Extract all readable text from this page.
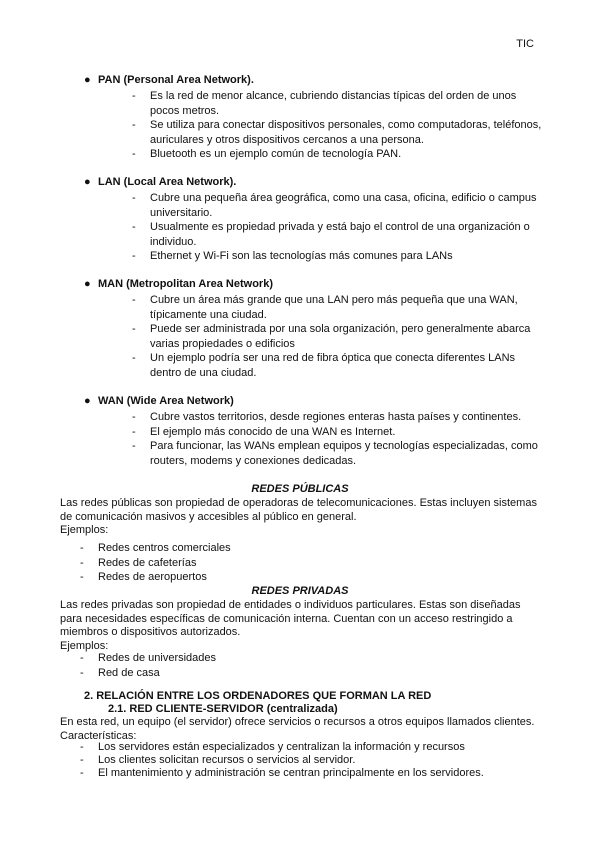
TIC
● PAN (Personal Area Network).
- Es la red de menor alcance, cubriendo distancias típicas del orden de unos pocos metros.
- Se utiliza para conectar dispositivos personales, como computadoras, teléfonos, auriculares y otros dispositivos cercanos a una persona.
- Bluetooth es un ejemplo común de tecnología PAN.
● LAN (Local Area Network).
- Cubre una pequeña área geográfica, como una casa, oficina, edificio o campus universitario.
- Usualmente es propiedad privada y está bajo el control de una organización o individuo.
- Ethernet y Wi-Fi son las tecnologías más comunes para LANs
● MAN (Metropolitan Area Network)
- Cubre un área más grande que una LAN pero más pequeña que una WAN, típicamente una ciudad.
- Puede ser administrada por una sola organización, pero generalmente abarca varias propiedades o edificios
- Un ejemplo podría ser una red de fibra óptica que conecta diferentes LANs dentro de una ciudad.
● WAN (Wide Area Network)
- Cubre vastos territorios, desde regiones enteras hasta países y continentes.
- El ejemplo más conocido de una WAN es Internet.
- Para funcionar, las WANs emplean equipos y tecnologías especializadas, como routers, modems y conexiones dedicadas.
REDES PÚBLICAS
Las redes públicas son propiedad de operadoras de telecomunicaciones. Estas incluyen sistemas de comunicación masivos y accesibles al público en general.
Ejemplos:
- Redes centros comerciales
- Redes de cafeterías
- Redes de aeropuertos
REDES PRIVADAS
Las redes privadas son propiedad de entidades o individuos particulares. Estas son diseñadas para necesidades específicas de comunicación interna. Cuentan con un acceso restringido a miembros o dispositivos autorizados.
Ejemplos:
- Redes de universidades
- Red de casa
2. RELACIÓN ENTRE LOS ORDENADORES QUE FORMAN LA RED
2.1. RED CLIENTE-SERVIDOR (centralizada)
En esta red, un equipo (el servidor) ofrece servicios o recursos a otros equipos llamados clientes. Características:
- Los servidores están especializados y centralizan la información y recursos
- Los clientes solicitan recursos o servicios al servidor.
- El mantenimiento y administración se centran principalmente en los servidores.
